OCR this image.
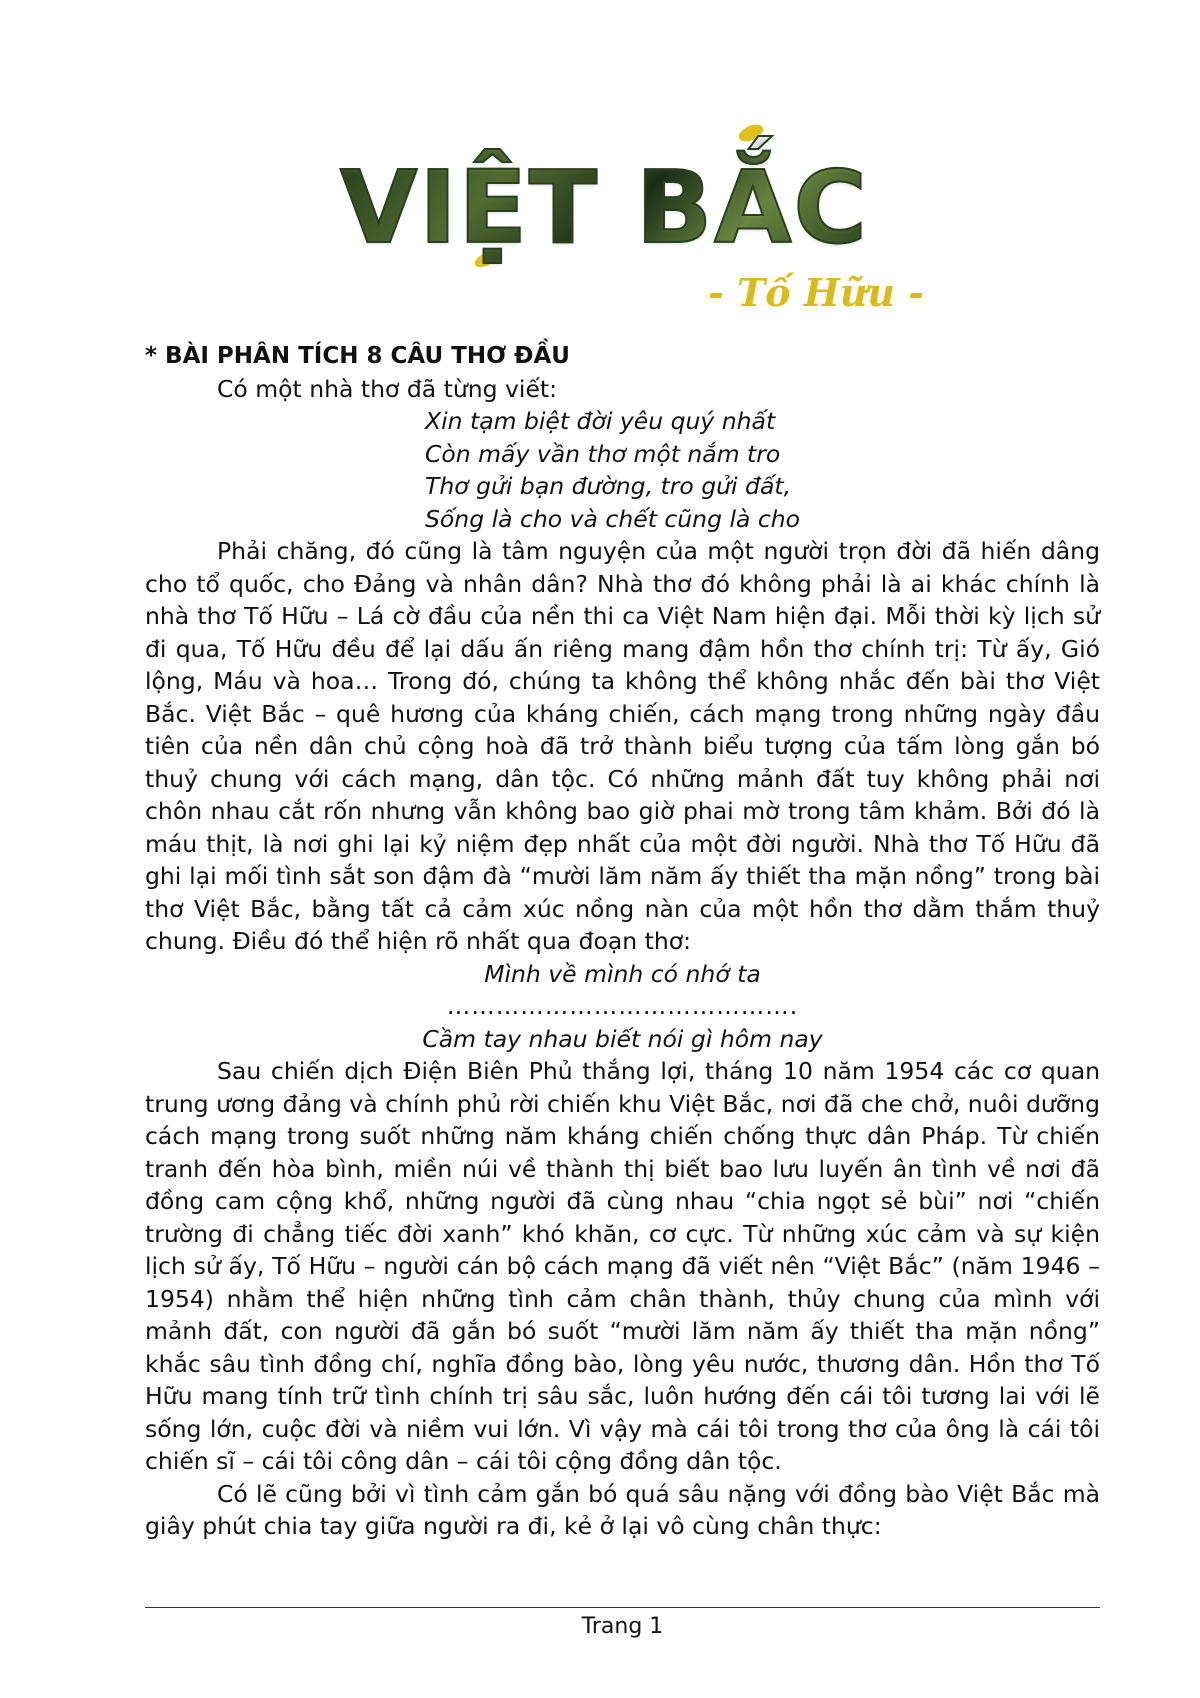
VIỆT BẮC
- Tố Hữu -

* BÀI PHÂN TÍCH 8 CÂU THƠ ĐẦU

Có một nhà thơ đã từng viết:

Xin tạm biệt đời yêu quý nhất

Còn mấy vần thơ một nắm tro

Thơ gửi bạn đường, tro gửi đất,

Sống là cho và chết cũng là cho

Phải chăng, đó cũng là tâm nguyện của một người trọn đời đã hiến dâng cho tổ quốc, cho Đảng và nhân dân? Nhà thơ đó không phải là ai khác chính là nhà thơ Tố Hữu – Lá cờ đầu của nền thi ca Việt Nam hiện đại. Mỗi thời kỳ lịch sử đi qua, Tố Hữu đều để lại dấu ấn riêng mang đậm hồn thơ chính trị: Từ ấy, Gió lộng, Máu và hoa… Trong đó, chúng ta không thể không nhắc đến bài thơ Việt Bắc. Việt Bắc – quê hương của kháng chiến, cách mạng trong những ngày đầu tiên của nền dân chủ cộng hoà đã trở thành biểu tượng của tấm lòng gắn bó thuỷ chung với cách mạng, dân tộc. Có những mảnh đất tuy không phải nơi chôn nhau cắt rốn nhưng vẫn không bao giờ phai mờ trong tâm khảm. Bởi đó là máu thịt, là nơi ghi lại kỷ niệm đẹp nhất của một đời người. Nhà thơ Tố Hữu đã ghi lại mối tình sắt son đậm đà “mười lăm năm ấy thiết tha mặn nồng” trong bài thơ Việt Bắc, bằng tất cả cảm xúc nồng nàn của một hồn thơ dằm thắm thuỷ chung. Điều đó thể hiện rõ nhất qua đoạn thơ:

Mình về mình có nhớ ta

…………………………………….

Cầm tay nhau biết nói gì hôm nay

Sau chiến dịch Điện Biên Phủ thắng lợi, tháng 10 năm 1954 các cơ quan trung ương đảng và chính phủ rời chiến khu Việt Bắc, nơi đã che chở, nuôi dưỡng cách mạng trong suốt những năm kháng chiến chống thực dân Pháp. Từ chiến tranh đến hòa bình, miền núi về thành thị biết bao lưu luyến ân tình về nơi đã đồng cam cộng khổ, những người đã cùng nhau “chia ngọt sẻ bùi” nơi “chiến trường đi chẳng tiếc đời xanh” khó khăn, cơ cực. Từ những xúc cảm và sự kiện lịch sử ấy, Tố Hữu – người cán bộ cách mạng đã viết nên “Việt Bắc” (năm 1946 – 1954) nhằm thể hiện những tình cảm chân thành, thủy chung của mình với mảnh đất, con người đã gắn bó suốt “mười lăm năm ấy thiết tha mặn nồng” khắc sâu tình đồng chí, nghĩa đồng bào, lòng yêu nước, thương dân. Hồn thơ Tố Hữu mang tính trữ tình chính trị sâu sắc, luôn hướng đến cái tôi tương lai với lẽ sống lớn, cuộc đời và niềm vui lớn. Vì vậy mà cái tôi trong thơ của ông là cái tôi chiến sĩ – cái tôi công dân – cái tôi cộng đồng dân tộc.

Có lẽ cũng bởi vì tình cảm gắn bó quá sâu nặng với đồng bào Việt Bắc mà giây phút chia tay giữa người ra đi, kẻ ở lại vô cùng chân thực:

Trang 1
